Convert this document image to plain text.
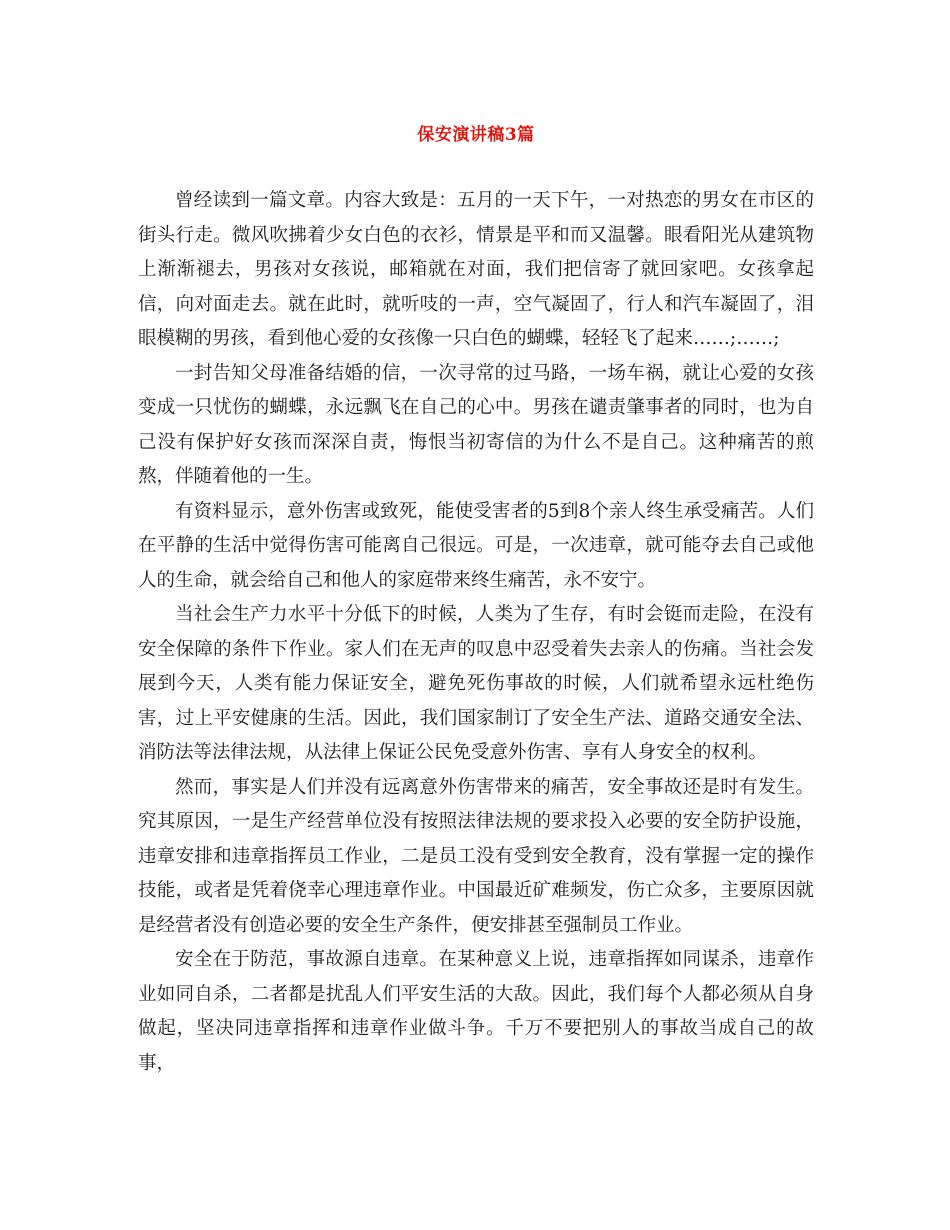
保安演讲稿3篇

曾经读到一篇文章。内容大致是：五月的一天下午，一对热恋的男女在市区的街头行走。微风吹拂着少女白色的衣衫，情景是平和而又温馨。眼看阳光从建筑物上渐渐褪去，男孩对女孩说，邮箱就在对面，我们把信寄了就回家吧。女孩拿起信，向对面走去。就在此时，就听吱的一声，空气凝固了，行人和汽车凝固了，泪眼模糊的男孩，看到他心爱的女孩像一只白色的蝴蝶，轻轻飞了起来……;……;

一封告知父母准备结婚的信，一次寻常的过马路，一场车祸，就让心爱的女孩变成一只忧伤的蝴蝶，永远飘飞在自己的心中。男孩在谴责肇事者的同时，也为自己没有保护好女孩而深深自责，悔恨当初寄信的为什么不是自己。这种痛苦的煎熬，伴随着他的一生。

有资料显示，意外伤害或致死，能使受害者的5到8个亲人终生承受痛苦。人们在平静的生活中觉得伤害可能离自己很远。可是，一次违章，就可能夺去自己或他人的生命，就会给自己和他人的家庭带来终生痛苦，永不安宁。

当社会生产力水平十分低下的时候，人类为了生存，有时会铤而走险，在没有安全保障的条件下作业。家人们在无声的叹息中忍受着失去亲人的伤痛。当社会发展到今天，人类有能力保证安全，避免死伤事故的时候，人们就希望永远杜绝伤害，过上平安健康的生活。因此，我们国家制订了安全生产法、道路交通安全法、消防法等法律法规，从法律上保证公民免受意外伤害、享有人身安全的权利。

然而，事实是人们并没有远离意外伤害带来的痛苦，安全事故还是时有发生。究其原因，一是生产经营单位没有按照法律法规的要求投入必要的安全防护设施，违章安排和违章指挥员工作业，二是员工没有受到安全教育，没有掌握一定的操作技能，或者是凭着侥幸心理违章作业。中国最近矿难频发，伤亡众多，主要原因就是经营者没有创造必要的安全生产条件，便安排甚至强制员工作业。

安全在于防范，事故源自违章。在某种意义上说，违章指挥如同谋杀，违章作业如同自杀，二者都是扰乱人们平安生活的大敌。因此，我们每个人都必须从自身做起，坚决同违章指挥和违章作业做斗争。千万不要把别人的事故当成自己的故事，
